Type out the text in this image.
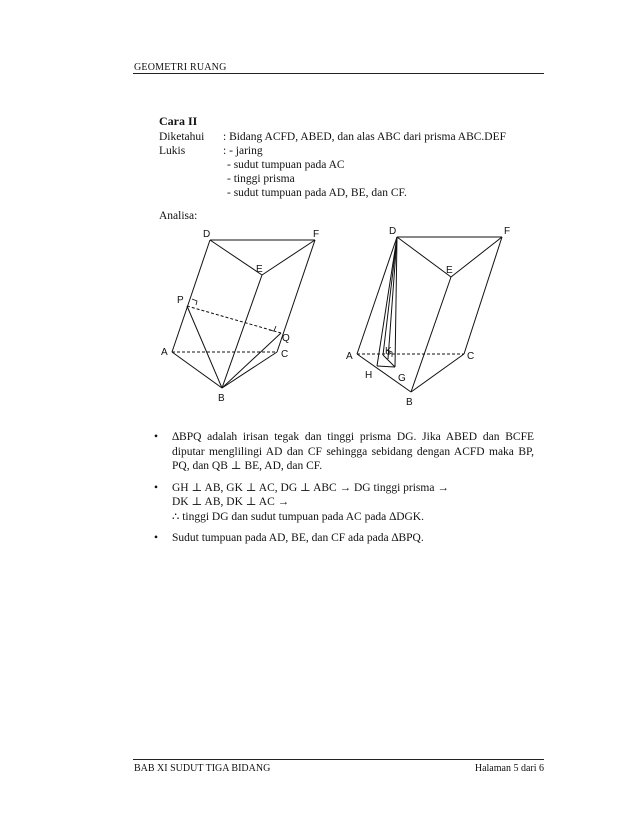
GEOMETRI RUANG
Cara II
Diketahui : Bidang ACFD, ABED, dan alas ABC dari prisma ABC.DEF
Lukis	: - jaring
- sudut tumpuan pada AC
- tinggi prisma
- sudut tumpuan pada AD, BE, dan CF.
Analisa:
D	F
E
P
Q
A	C
B
D	F
E
K
A	C
H	G
B
• ∆BPQ adalah irisan tegak dan tinggi prisma DG. Jika ABED dan BCFE diputar menglilingi AD dan CF sehingga sebidang dengan ACFD maka BP, PQ, dan QB ⊥ BE, AD, dan CF.
• GH ⊥ AB, GK ⊥ AC, DG ⊥ ABC → DG tinggi prisma →
DK ⊥ AB, DK ⊥ AC →
∴ tinggi DG dan sudut tumpuan pada AC pada ∆DGK.
• Sudut tumpuan pada AD, BE, dan CF ada pada ∆BPQ.
BAB XI SUDUT TIGA BIDANG	Halaman 5 dari 6
